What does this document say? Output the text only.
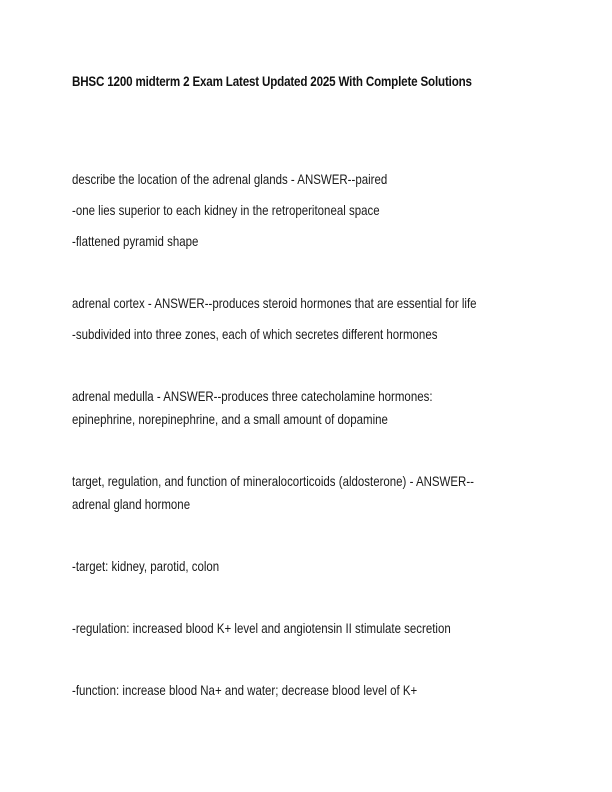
BHSC 1200 midterm 2 Exam Latest Updated 2025 With Complete Solutions
describe the location of the adrenal glands - ANSWER--paired
-one lies superior to each kidney in the retroperitoneal space
-flattened pyramid shape
adrenal cortex - ANSWER--produces steroid hormones that are essential for life
-subdivided into three zones, each of which secretes different hormones
adrenal medulla - ANSWER--produces three catecholamine hormones:
epinephrine, norepinephrine, and a small amount of dopamine
target, regulation, and function of mineralocorticoids (aldosterone) - ANSWER--
adrenal gland hormone
-target: kidney, parotid, colon
-regulation: increased blood K+ level and angiotensin II stimulate secretion
-function: increase blood Na+ and water; decrease blood level of K+
